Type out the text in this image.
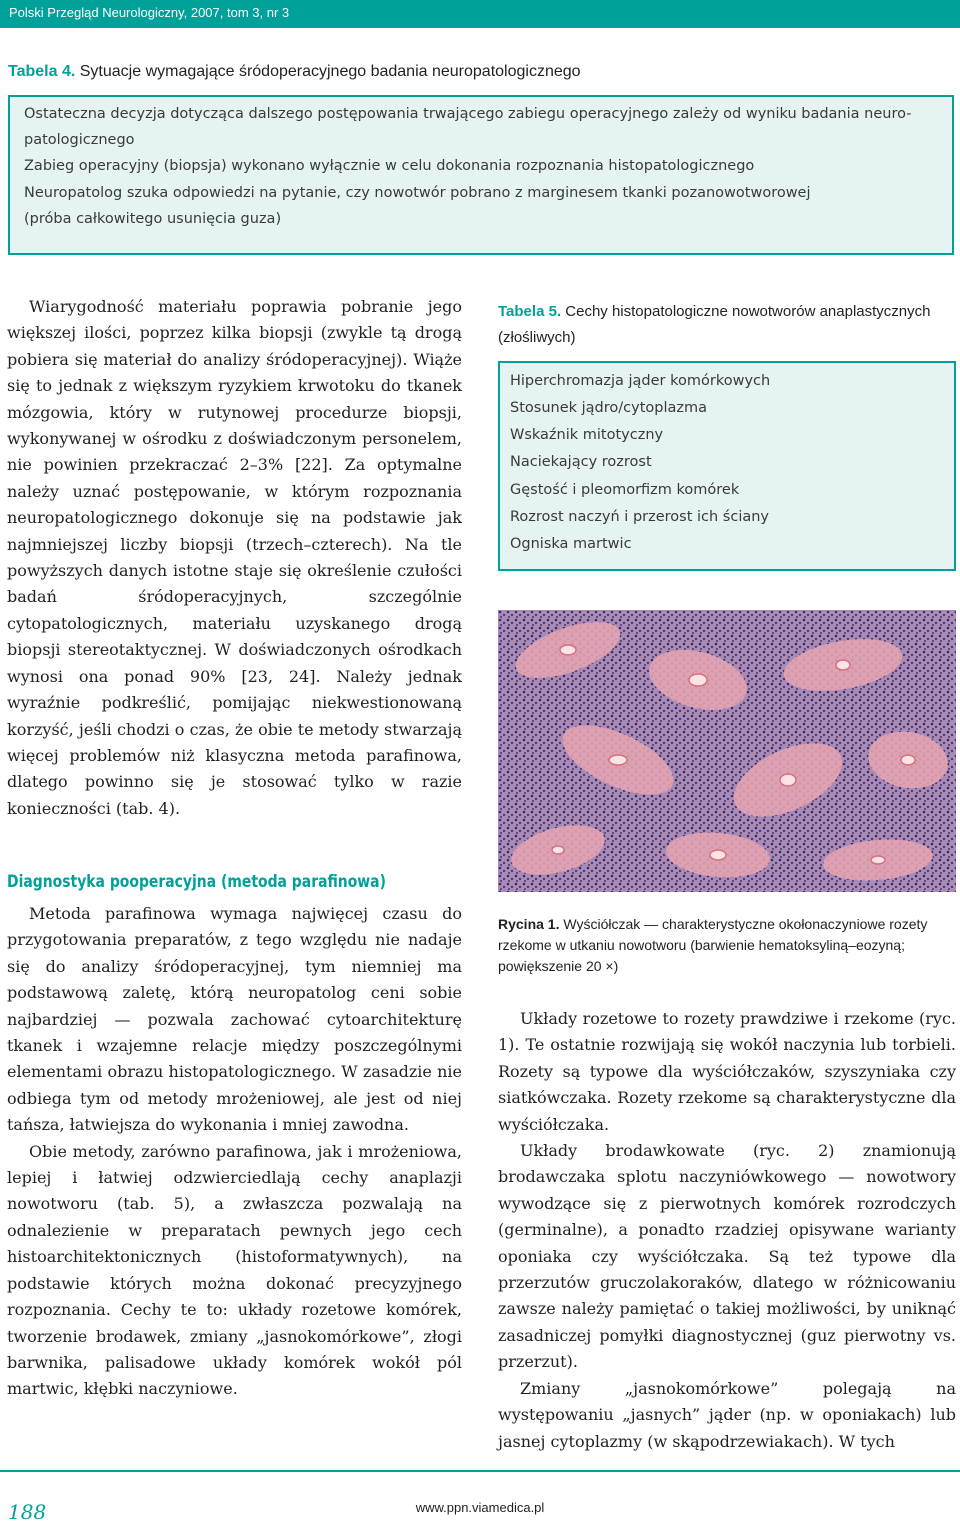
Polski Przegląd Neurologiczny, 2007, tom 3, nr 3
Tabela 4. Sytuacje wymagające śródoperacyjnego badania neuropatologicznego
Ostateczna decyzja dotycząca dalszego postępowania trwającego zabiegu operacyjnego zależy od wyniku badania neuro-
patologicznego
Zabieg operacyjny (biopsja) wykonano wyłącznie w celu dokonania rozpoznania histopatologicznego
Neuropatolog szuka odpowiedzi na pytanie, czy nowotwór pobrano z marginesem tkanki pozanowotworowej
(próba całkowitego usunięcia guza)

Wiarygodność materiału poprawia pobranie jego większej ilości, poprzez kilka biopsji (zwykle tą drogą pobiera się materiał do analizy śródoperacyjnej). Wiąże się to jednak z większym ryzykiem krwotoku do tkanek mózgowia, który w rutynowej procedurze biopsji, wykonywanej w ośrodku z doświadczonym personelem, nie powinien przekraczać 2–3% [22]. Za optymalne należy uznać postępowanie, w którym rozpoznania neuropatologicznego dokonuje się na podstawie jak najmniejszej liczby biopsji (trzech–czterech). Na tle powyższych danych istotne staje się określenie czułości badań śródoperacyjnych, szczególnie cytopatologicznych, materiału uzyskanego drogą biopsji stereotaktycznej. W doświadczonych ośrodkach wynosi ona ponad 90% [23, 24]. Należy jednak wyraźnie podkreślić, pomijając niekwestionowaną korzyść, jeśli chodzi o czas, że obie te metody stwarzają więcej problemów niż klasyczna metoda parafinowa, dlatego powinno się je stosować tylko w razie konieczności (tab. 4).

Diagnostyka pooperacyjna (metoda parafinowa)

Metoda parafinowa wymaga najwięcej czasu do przygotowania preparatów, z tego względu nie nadaje się do analizy śródoperacyjnej, tym niemniej ma podstawową zaletę, którą neuropatolog ceni sobie najbardziej — pozwala zachować cytoarchitekturę tkanek i wzajemne relacje między poszczególnymi elementami obrazu histopatologicznego. W zasadzie nie odbiega tym od metody mrożeniowej, ale jest od niej tańsza, łatwiejsza do wykonania i mniej zawodna.

Obie metody, zarówno parafinowa, jak i mrożeniowa, lepiej i łatwiej odzwierciedlają cechy anaplazji nowotworu (tab. 5), a zwłaszcza pozwalają na odnalezienie w preparatach pewnych jego cech histoarchitektonicznych (histoformatywnych), na podstawie których można dokonać precyzyjnego rozpoznania. Cechy te to: układy rozetowe komórek, tworzenie brodawek, zmiany „jasnokomórkowe”, złogi barwnika, palisadowe układy komórek wokół pól martwic, kłębki naczyniowe.

Tabela 5. Cechy histopatologiczne nowotworów anaplastycznych (złośliwych)
Hiperchromazja jąder komórkowych
Stosunek jądro/cytoplazma
Wskaźnik mitotyczny
Naciekający rozrost
Gęstość i pleomorfizm komórek
Rozrost naczyń i przerost ich ściany
Ogniska martwic
Rycina 1. Wyściółczak — charakterystyczne okołonaczyniowe rozety rzekome w utkaniu nowotworu (barwienie hematoksyliną–eozyną; powiększenie 20 ×)

Układy rozetowe to rozety prawdziwe i rzekome (ryc. 1). Te ostatnie rozwijają się wokół naczynia lub torbieli. Rozety są typowe dla wyściółczaków, szyszyniaka czy siatkówczaka. Rozety rzekome są charakterystyczne dla wyściółczaka.

Układy brodawkowate (ryc. 2) znamionują brodawczaka splotu naczyniówkowego — nowotwory wywodzące się z pierwotnych komórek rozrodczych (germinalne), a ponadto rzadziej opisywane warianty oponiaka czy wyściółczaka. Są też typowe dla przerzutów gruczolakoraków, dlatego w różnicowaniu zawsze należy pamiętać o takiej możliwości, by uniknąć zasadniczej pomyłki diagnostycznej (guz pierwotny vs. przerzut).

Zmiany „jasnokomórkowe” polegają na występowaniu „jasnych” jąder (np. w oponiakach) lub jasnej cytoplazmy (w skąpodrzewiakach). W tych

188	www.ppn.viamedica.pl
